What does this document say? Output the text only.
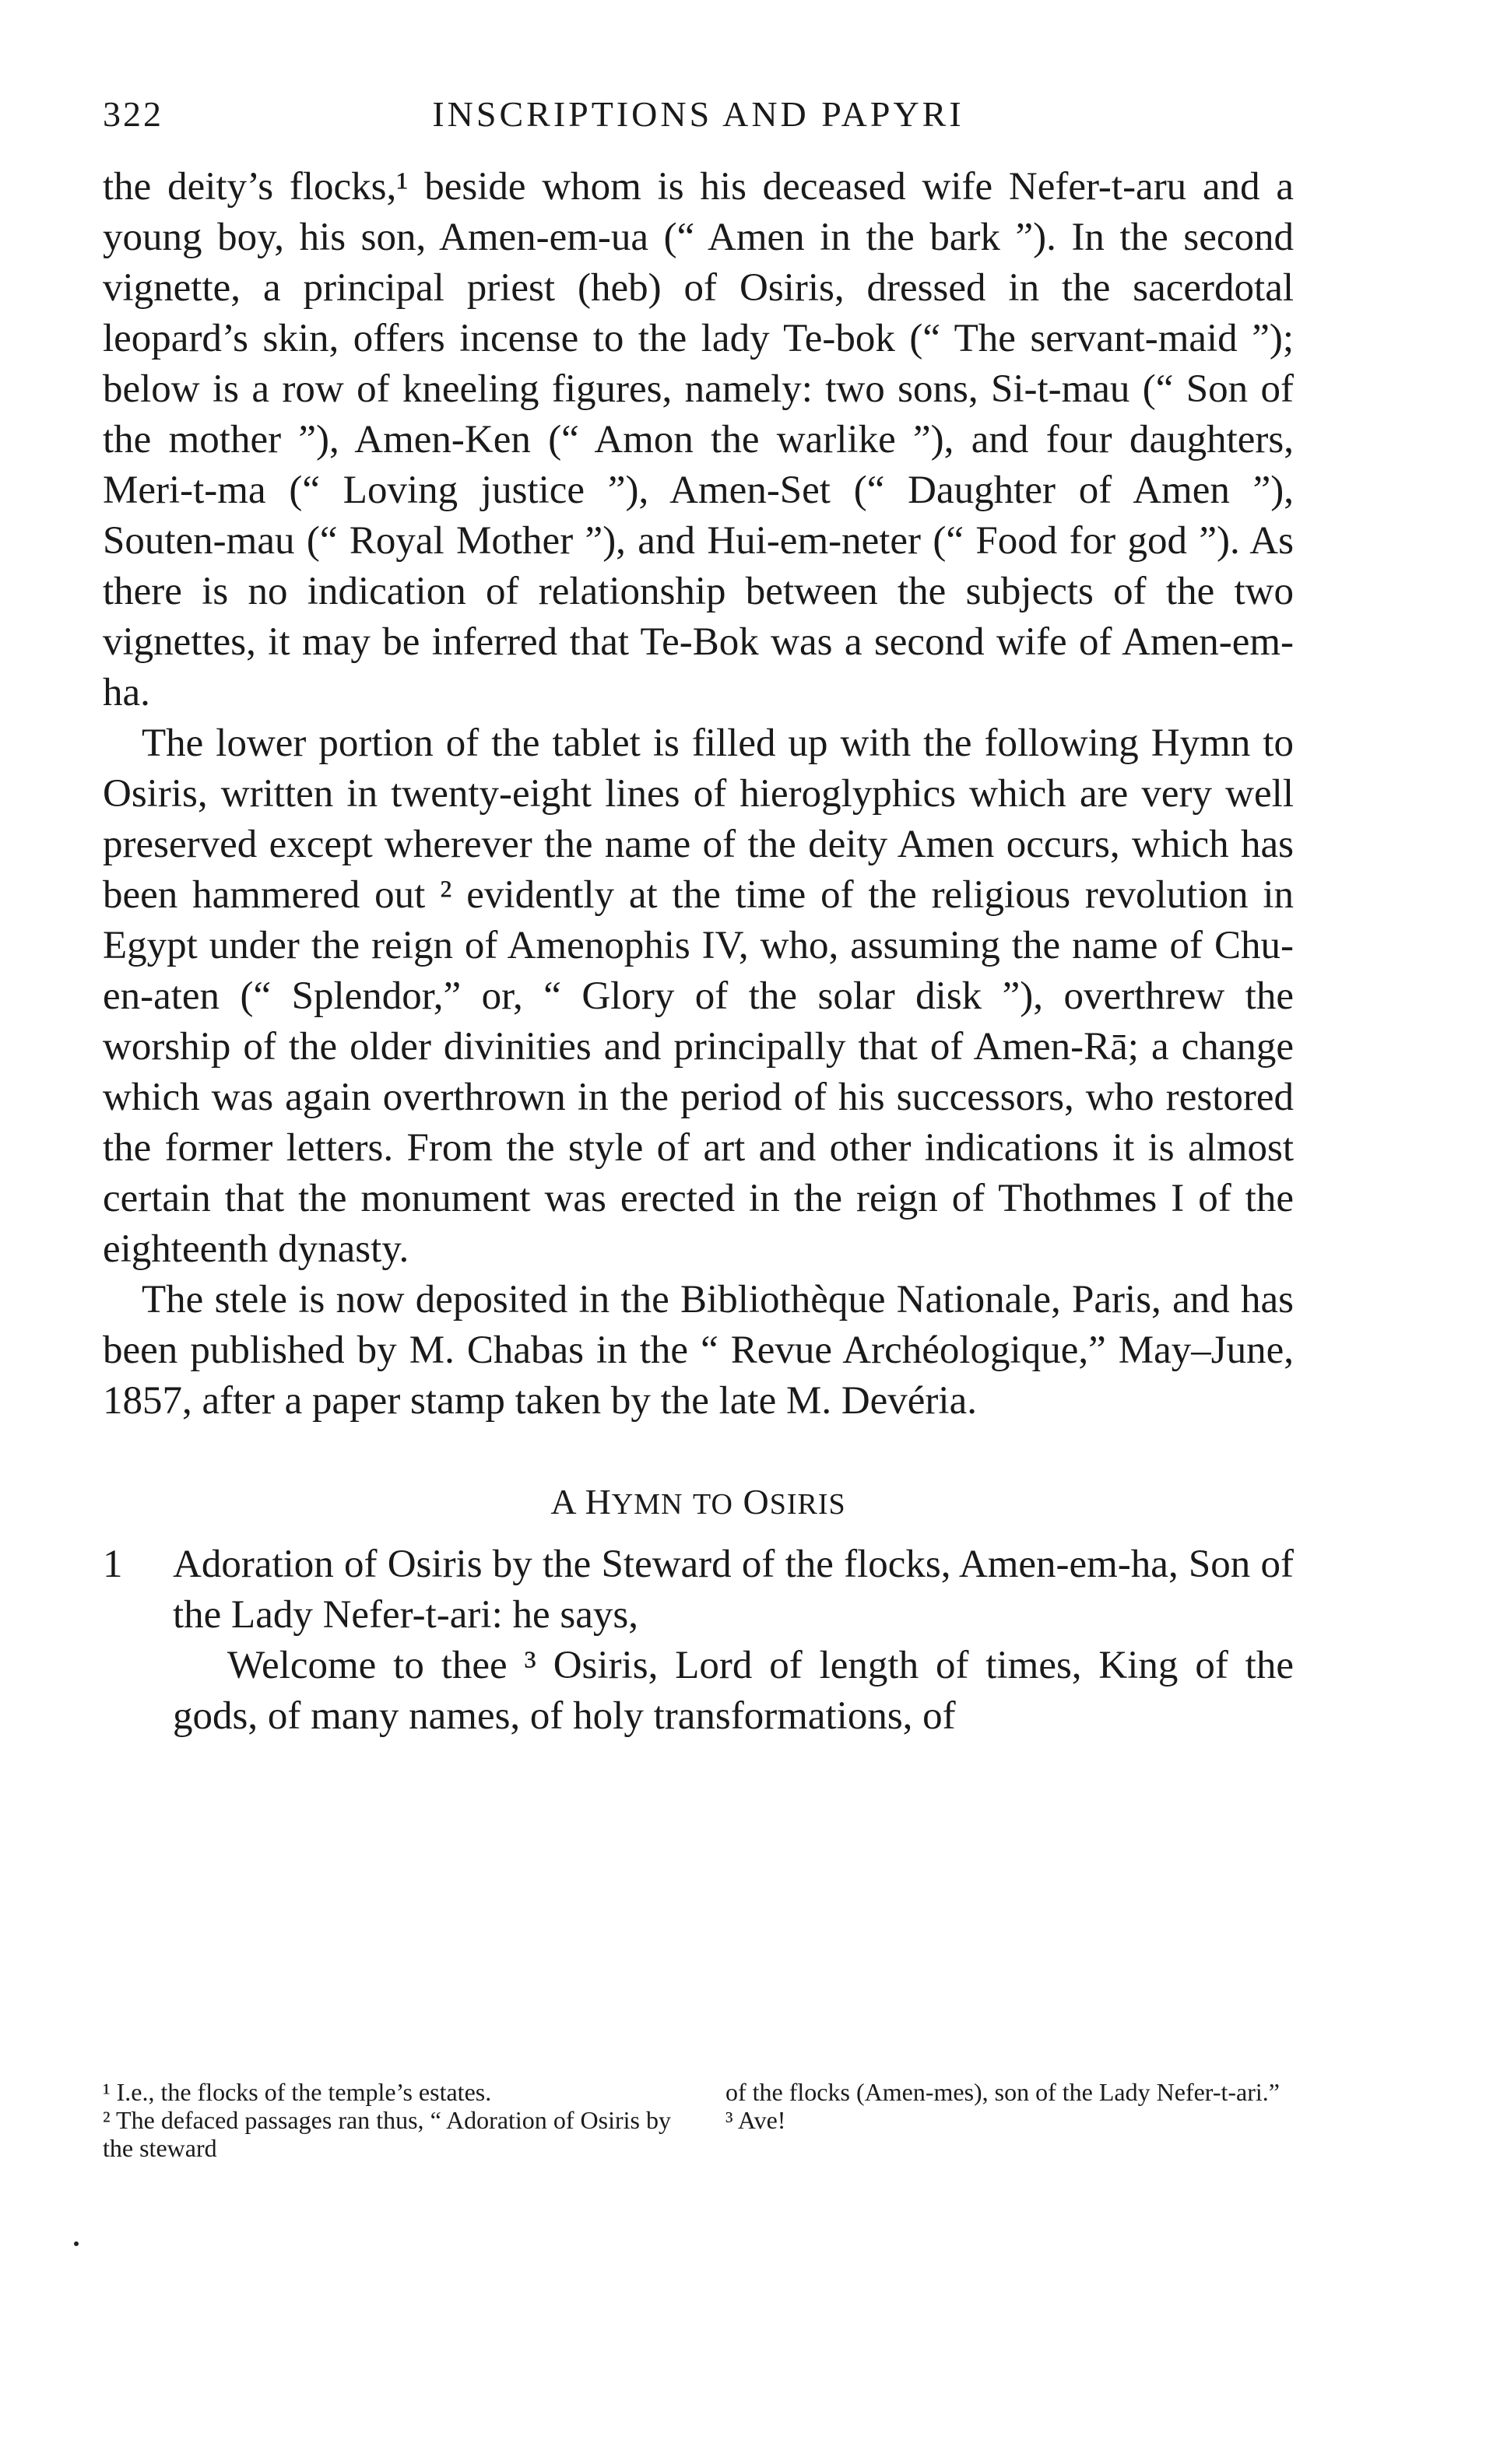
322	INSCRIPTIONS AND PAPYRI

the deity’s flocks,¹ beside whom is his deceased wife Nefer-t-aru and a young boy, his son, Amen-em-ua (“ Amen in the bark ”). In the second vignette, a principal priest (heb) of Osiris, dressed in the sacerdotal leopard’s skin, offers incense to the lady Te-bok (“ The servant-maid ”); below is a row of kneeling figures, namely: two sons, Si-t-mau (“ Son of the mother ”), Amen-Ken (“ Amon the warlike ”), and four daughters, Meri-t-ma (“ Loving justice ”), Amen-Set (“ Daughter of Amen ”), Souten-mau (“ Royal Mother ”), and Hui-em-neter (“ Food for god ”). As there is no indication of relationship between the subjects of the two vignettes, it may be inferred that Te-Bok was a second wife of Amen-em-ha.

The lower portion of the tablet is filled up with the following Hymn to Osiris, written in twenty-eight lines of hieroglyphics which are very well preserved except wherever the name of the deity Amen occurs, which has been hammered out ² evidently at the time of the religious revolution in Egypt under the reign of Amenophis IV, who, assuming the name of Chu-en-aten (“ Splendor,” or, “ Glory of the solar disk ”), overthrew the worship of the older divinities and principally that of Amen-Rā; a change which was again overthrown in the period of his successors, who restored the former letters. From the style of art and other indications it is almost certain that the monument was erected in the reign of Thothmes I of the eighteenth dynasty.

The stele is now deposited in the Bibliothèque Nationale, Paris, and has been published by M. Chabas in the “ Revue Archéologique,” May–June, 1857, after a paper stamp taken by the late M. Devéria.

A HYMN TO OSIRIS
1 Adoration of Osiris by the Steward of the flocks, Amen-em-ha, Son of the Lady Nefer-t-ari: he says,

Welcome to thee ³ Osiris, Lord of length of times, King of the gods, of many names, of holy transformations, of

¹ I.e., the flocks of the temple’s estates.

² The defaced passages ran thus, “ Adoration of Osiris by the steward

of the flocks (Amen-mes), son of the Lady Nefer-t-ari.”

³ Ave!
